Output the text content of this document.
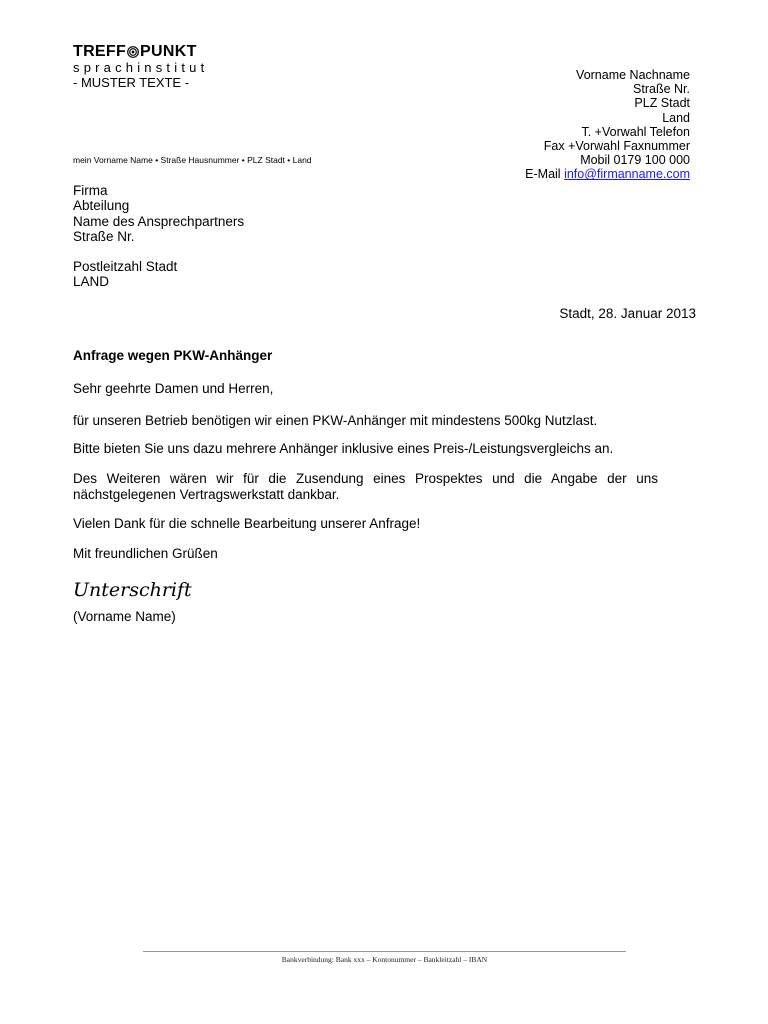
TREFF PUNKT
sprachinstitut
- MUSTER TEXTE -	Vorname Nachname
Straße Nr.
PLZ Stadt
Land
T. +Vorwahl Telefon
Fax +Vorwahl Faxnummer
Mobil 0179 100 000
E-Mail info@firmanname.com
mein Vorname Name • Straße Hausnummer • PLZ Stadt • Land
Firma
Abteilung
Name des Ansprechpartners
Straße Nr.
Postleitzahl Stadt
LAND
Stadt, 28. Januar 2013
Anfrage wegen PKW-Anhänger
Sehr geehrte Damen und Herren,
für unseren Betrieb benötigen wir einen PKW-Anhänger mit mindestens 500kg Nutzlast.
Bitte bieten Sie uns dazu mehrere Anhänger inklusive eines Preis-/Leistungsvergleichs an.
Des Weiteren wären wir für die Zusendung eines Prospektes und die Angabe der uns nächstgelegenen Vertragswerkstatt dankbar.
Vielen Dank für die schnelle Bearbeitung unserer Anfrage!
Mit freundlichen Grüßen
Unterschrift
(Vorname Name)
Bankverbindung: Bank xxx – Kontonummer – Bankleitzahl – IBAN
